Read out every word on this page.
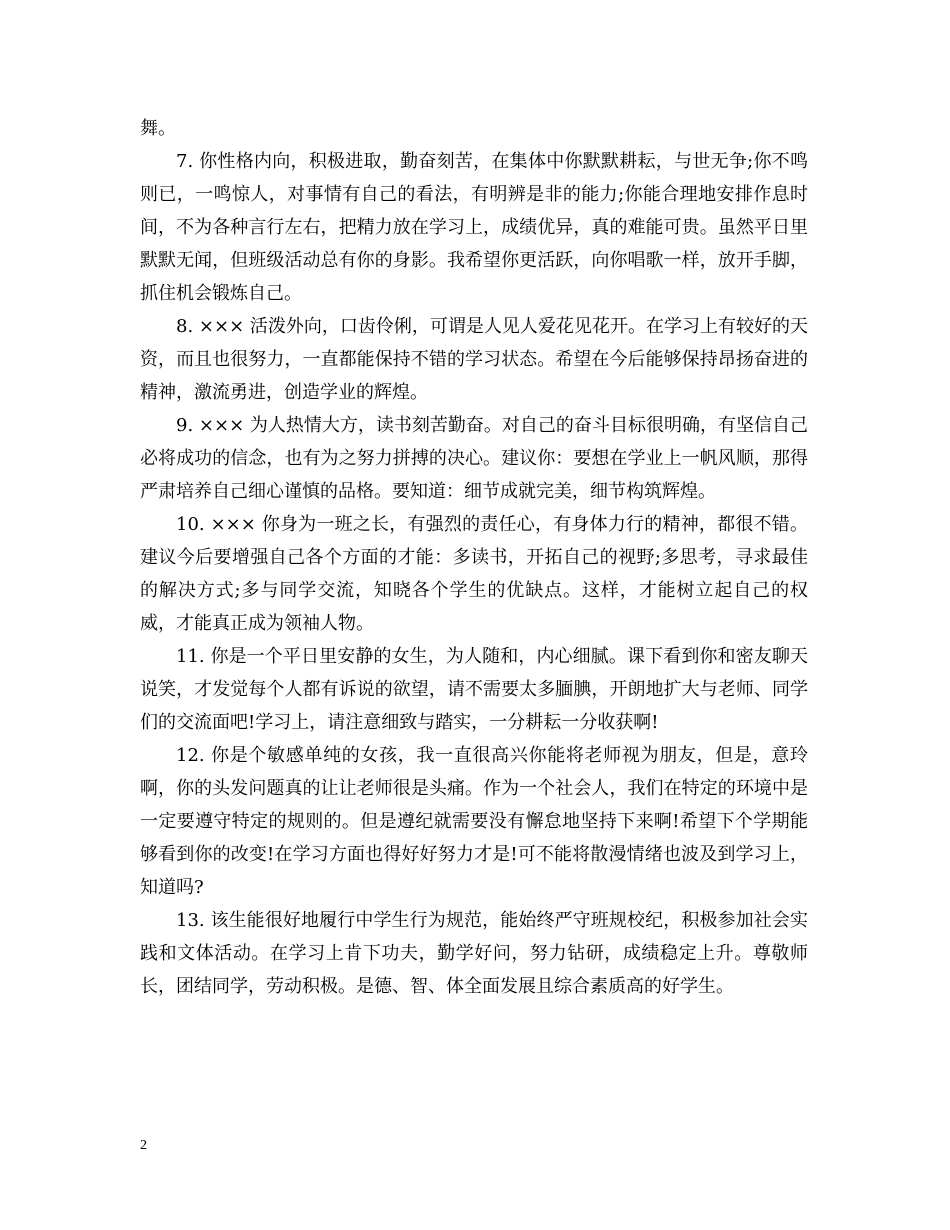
舞。

7. 你性格内向，积极进取，勤奋刻苦，在集体中你默默耕耘，与世无争;你不鸣则已，一鸣惊人，对事情有自己的看法，有明辨是非的能力;你能合理地安排作息时间，不为各种言行左右，把精力放在学习上，成绩优异，真的难能可贵。虽然平日里默默无闻，但班级活动总有你的身影。我希望你更活跃，向你唱歌一样，放开手脚，抓住机会锻炼自己。

8. ××× 活泼外向，口齿伶俐，可谓是人见人爱花见花开。在学习上有较好的天资，而且也很努力，一直都能保持不错的学习状态。希望在今后能够保持昂扬奋进的精神，激流勇进，创造学业的辉煌。

9. ××× 为人热情大方，读书刻苦勤奋。对自己的奋斗目标很明确，有坚信自己必将成功的信念，也有为之努力拼搏的决心。建议你：要想在学业上一帆风顺，那得严肃培养自己细心谨慎的品格。要知道：细节成就完美，细节构筑辉煌。

10. ××× 你身为一班之长，有强烈的责任心，有身体力行的精神，都很不错。建议今后要增强自己各个方面的才能：多读书，开拓自己的视野;多思考，寻求最佳的解决方式;多与同学交流，知晓各个学生的优缺点。这样，才能树立起自己的权威，才能真正成为领袖人物。

11. 你是一个平日里安静的女生，为人随和，内心细腻。课下看到你和密友聊天说笑，才发觉每个人都有诉说的欲望，请不需要太多腼腆，开朗地扩大与老师、同学们的交流面吧!学习上，请注意细致与踏实，一分耕耘一分收获啊!

12. 你是个敏感单纯的女孩，我一直很高兴你能将老师视为朋友，但是，意玲啊，你的头发问题真的让让老师很是头痛。作为一个社会人，我们在特定的环境中是一定要遵守特定的规则的。但是遵纪就需要没有懈怠地坚持下来啊!希望下个学期能够看到你的改变!在学习方面也得好好努力才是!可不能将散漫情绪也波及到学习上，知道吗?

13. 该生能很好地履行中学生行为规范，能始终严守班规校纪，积极参加社会实践和文体活动。在学习上肯下功夫，勤学好问，努力钻研，成绩稳定上升。尊敬师长，团结同学，劳动积极。是德、智、体全面发展且综合素质高的好学生。

2
